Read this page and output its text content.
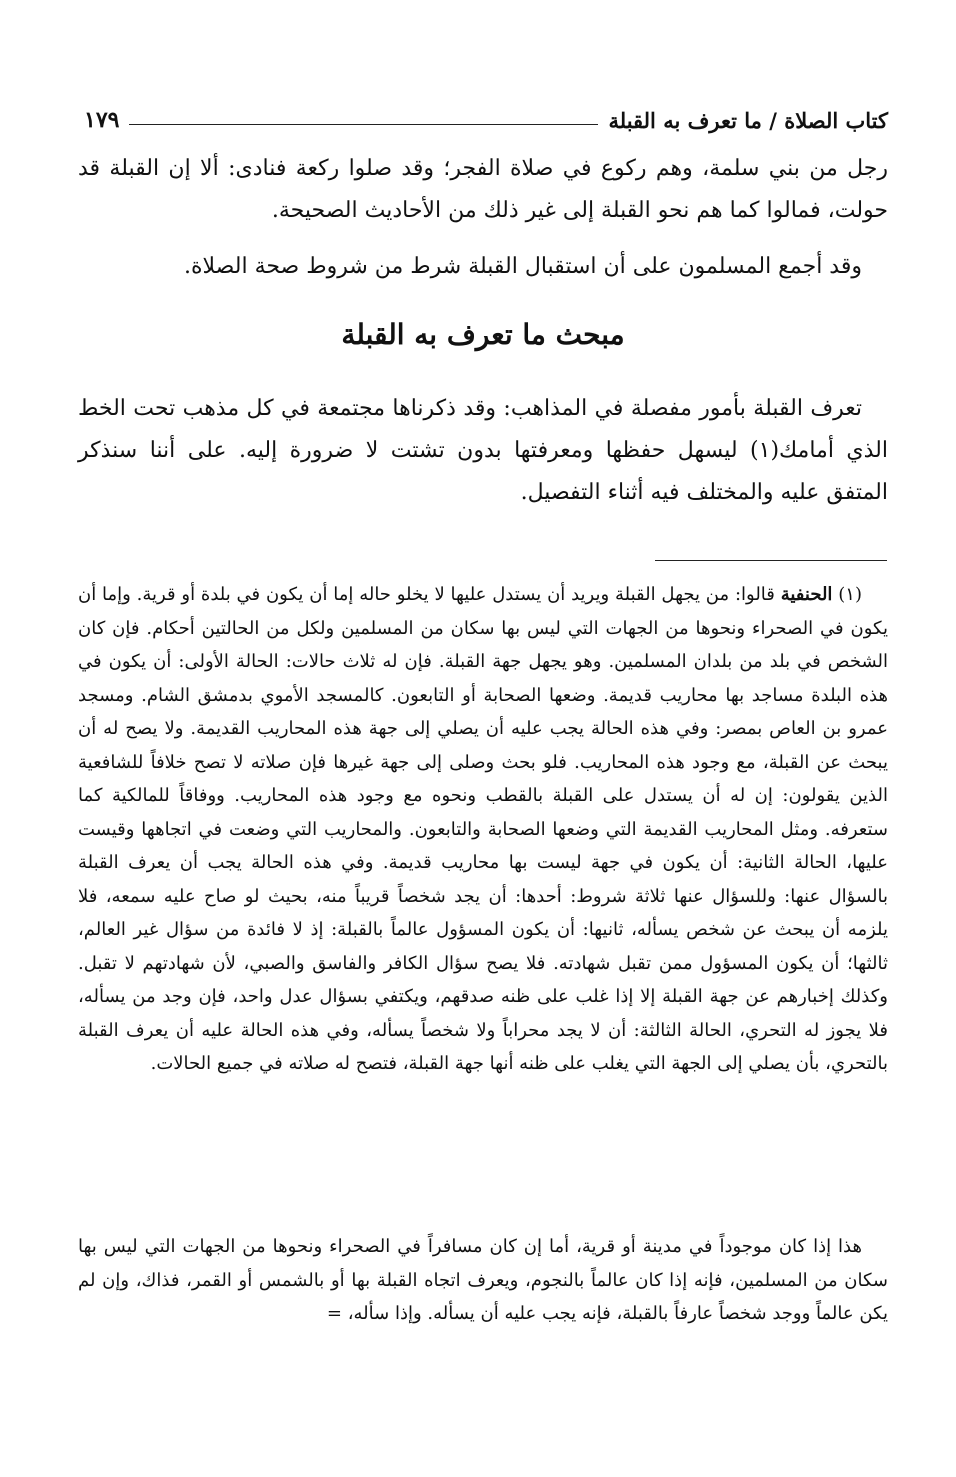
كتاب الصلاة / ما تعرف به القبلة
١٧٩

رجل من بني سلمة، وهم ركوع في صلاة الفجر؛ وقد صلوا ركعة فنادى: ألا إن القبلة قد حولت، فمالوا كما هم نحو القبلة إلى غير ذلك من الأحاديث الصحيحة.

وقد أجمع المسلمون على أن استقبال القبلة شرط من شروط صحة الصلاة.

مبحث ما تعرف به القبلة

تعرف القبلة بأمور مفصلة في المذاهب: وقد ذكرناها مجتمعة في كل مذهب تحت الخط الذي أمامك(١) ليسهل حفظها ومعرفتها بدون تشتت لا ضرورة إليه. على أننا سنذكر المتفق عليه والمختلف فيه أثناء التفصيل.

(١) الحنفية قالوا: من يجهل القبلة ويريد أن يستدل عليها لا يخلو حاله إما أن يكون في بلدة أو قرية. وإما أن يكون في الصحراء ونحوها من الجهات التي ليس بها سكان من المسلمين ولكل من الحالتين أحكام. فإن كان الشخص في بلد من بلدان المسلمين. وهو يجهل جهة القبلة. فإن له ثلاث حالات: الحالة الأولى: أن يكون في هذه البلدة مساجد بها محاريب قديمة. وضعها الصحابة أو التابعون. كالمسجد الأموي بدمشق الشام. ومسجد عمرو بن العاص بمصر: وفي هذه الحالة يجب عليه أن يصلي إلى جهة هذه المحاريب القديمة. ولا يصح له أن يبحث عن القبلة، مع وجود هذه المحاريب. فلو بحث وصلى إلى جهة غيرها فإن صلاته لا تصح خلافاً للشافعية الذين يقولون: إن له أن يستدل على القبلة بالقطب ونحوه مع وجود هذه المحاريب. ووفاقاً للمالكية كما ستعرفه. ومثل المحاريب القديمة التي وضعها الصحابة والتابعون. والمحاريب التي وضعت في اتجاهها وقيست عليها، الحالة الثانية: أن يكون في جهة ليست بها محاريب قديمة. وفي هذه الحالة يجب أن يعرف القبلة بالسؤال عنها: وللسؤال عنها ثلاثة شروط: أحدها: أن يجد شخصاً قريباً منه، بحيث لو صاح عليه سمعه، فلا يلزمه أن يبحث عن شخص يسأله، ثانيها: أن يكون المسؤول عالماً بالقبلة: إذ لا فائدة من سؤال غير العالم، ثالثها؛ أن يكون المسؤول ممن تقبل شهادته. فلا يصح سؤال الكافر والفاسق والصبي، لأن شهادتهم لا تقبل. وكذلك إخبارهم عن جهة القبلة إلا إذا غلب على ظنه صدقهم، ويكتفي بسؤال عدل واحد، فإن وجد من يسأله، فلا يجوز له التحري، الحالة الثالثة: أن لا يجد محراباً ولا شخصاً يسأله، وفي هذه الحالة عليه أن يعرف القبلة بالتحري، بأن يصلي إلى الجهة التي يغلب على ظنه أنها جهة القبلة، فتصح له صلاته في جميع الحالات.

هذا إذا كان موجوداً في مدينة أو قرية، أما إن كان مسافراً في الصحراء ونحوها من الجهات التي ليس بها سكان من المسلمين، فإنه إذا كان عالماً بالنجوم، ويعرف اتجاه القبلة بها أو بالشمس أو القمر، فذاك، وإن لم يكن عالماً ووجد شخصاً عارفاً بالقبلة، فإنه يجب عليه أن يسأله. وإذا سأله، =
